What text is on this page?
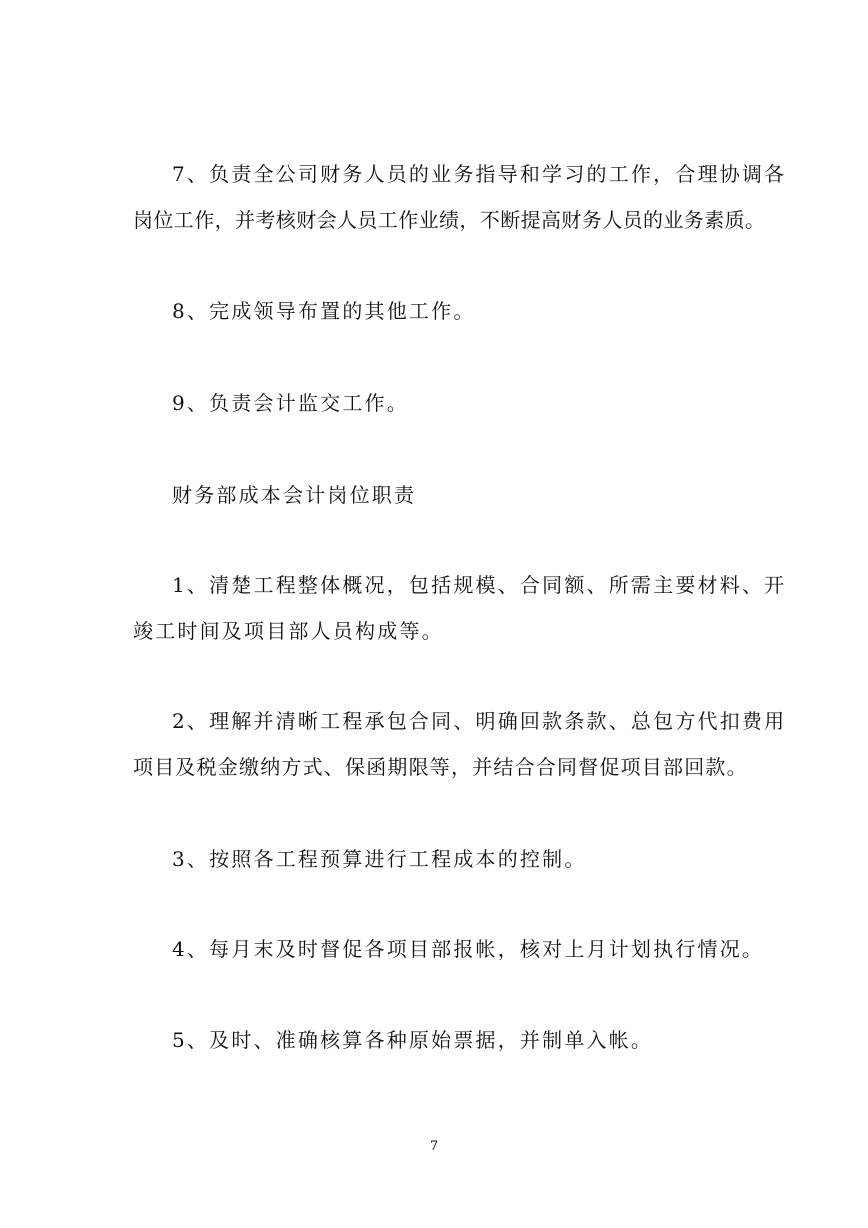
7、负责全公司财务人员的业务指导和学习的工作，合理协调各
岗位工作，并考核财会人员工作业绩，不断提高财务人员的业务素质。
8、完成领导布置的其他工作。
9、负责会计监交工作。
财务部成本会计岗位职责
1、清楚工程整体概况，包括规模、合同额、所需主要材料、开
竣工时间及项目部人员构成等。
2、理解并清晰工程承包合同、明确回款条款、总包方代扣费用
项目及税金缴纳方式、保函期限等，并结合合同督促项目部回款。
3、按照各工程预算进行工程成本的控制。
4、每月末及时督促各项目部报帐，核对上月计划执行情况。
5、及时、准确核算各种原始票据，并制单入帐。
7
